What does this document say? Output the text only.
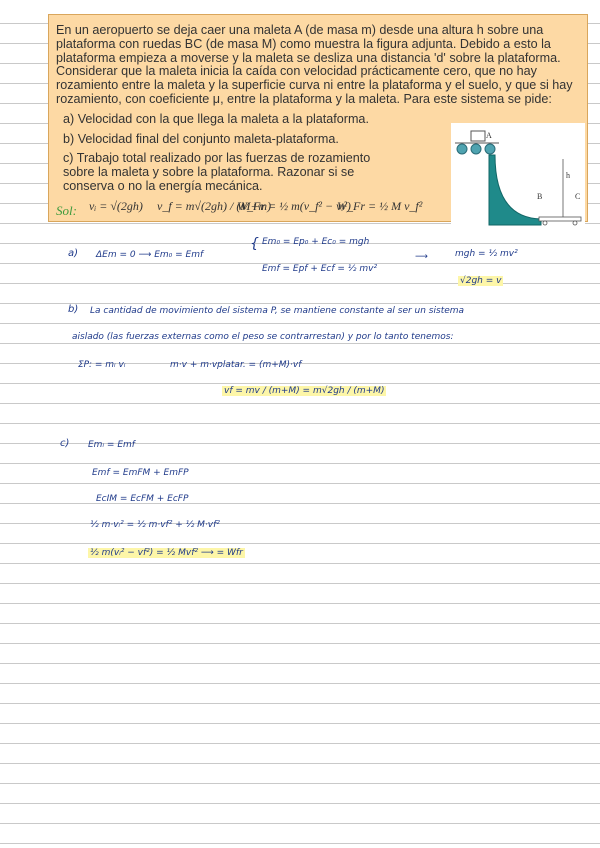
En un aeropuerto se deja caer una maleta A (de masa m) desde una altura h sobre una plataforma con ruedas BC (de masa M) como muestra la figura adjunta. Debido a esto la plataforma empieza a moverse y la maleta se desliza una distancia 'd' sobre la plataforma. Considerar que la maleta inicia la caída con velocidad prácticamente cero, que no hay rozamiento entre la maleta y la superficie curva ni entre la plataforma y el suelo, y que si hay rozamiento, con coeficiente μ, entre la plataforma y la maleta. Para este sistema se pide:
a) Velocidad con la que llega la maleta a la plataforma.
b) Velocidad final del conjunto maleta-plataforma.
c) Trabajo total realizado por las fuerzas de rozamiento sobre la maleta y sobre la plataforma. Razonar si se conserva o no la energía mecánica.
A
h
B	C
Sol: vᵢ = √(2gh) v_f = m√(2gh) / (M+m)
W_Fr = ½ m(v_f² − vᵢ²)
W_Fr = ½ M v_f²
a) ΔEm = 0 ⟶ Em₀ = Emf
{ Em₀ = Ep₀ + Ec₀ = mgh
Emf = Epf + Ecf = ½ mv²
⟶	mgh = ½ mv²
√2gh = v
b) La cantidad de movimiento del sistema P, se mantiene constante al ser un sistema
aislado (las fuerzas externas como el peso se contrarrestan) y por lo tanto tenemos:
ΣP: = mᵢ vᵢ	m·v + m·vplatar. = (m+M)·vf
vf = mv / (m+M) = m√2gh / (m+M)
c) Emᵢ = Emf
Emf = EmFM + EmFP
EcIM = EcFM + EcFP
½ m·vᵢ² = ½ m·vf² + ½ M·vf²
½ m(vᵢ² − vf²) = ½ Mvf² ⟶ = Wfr
